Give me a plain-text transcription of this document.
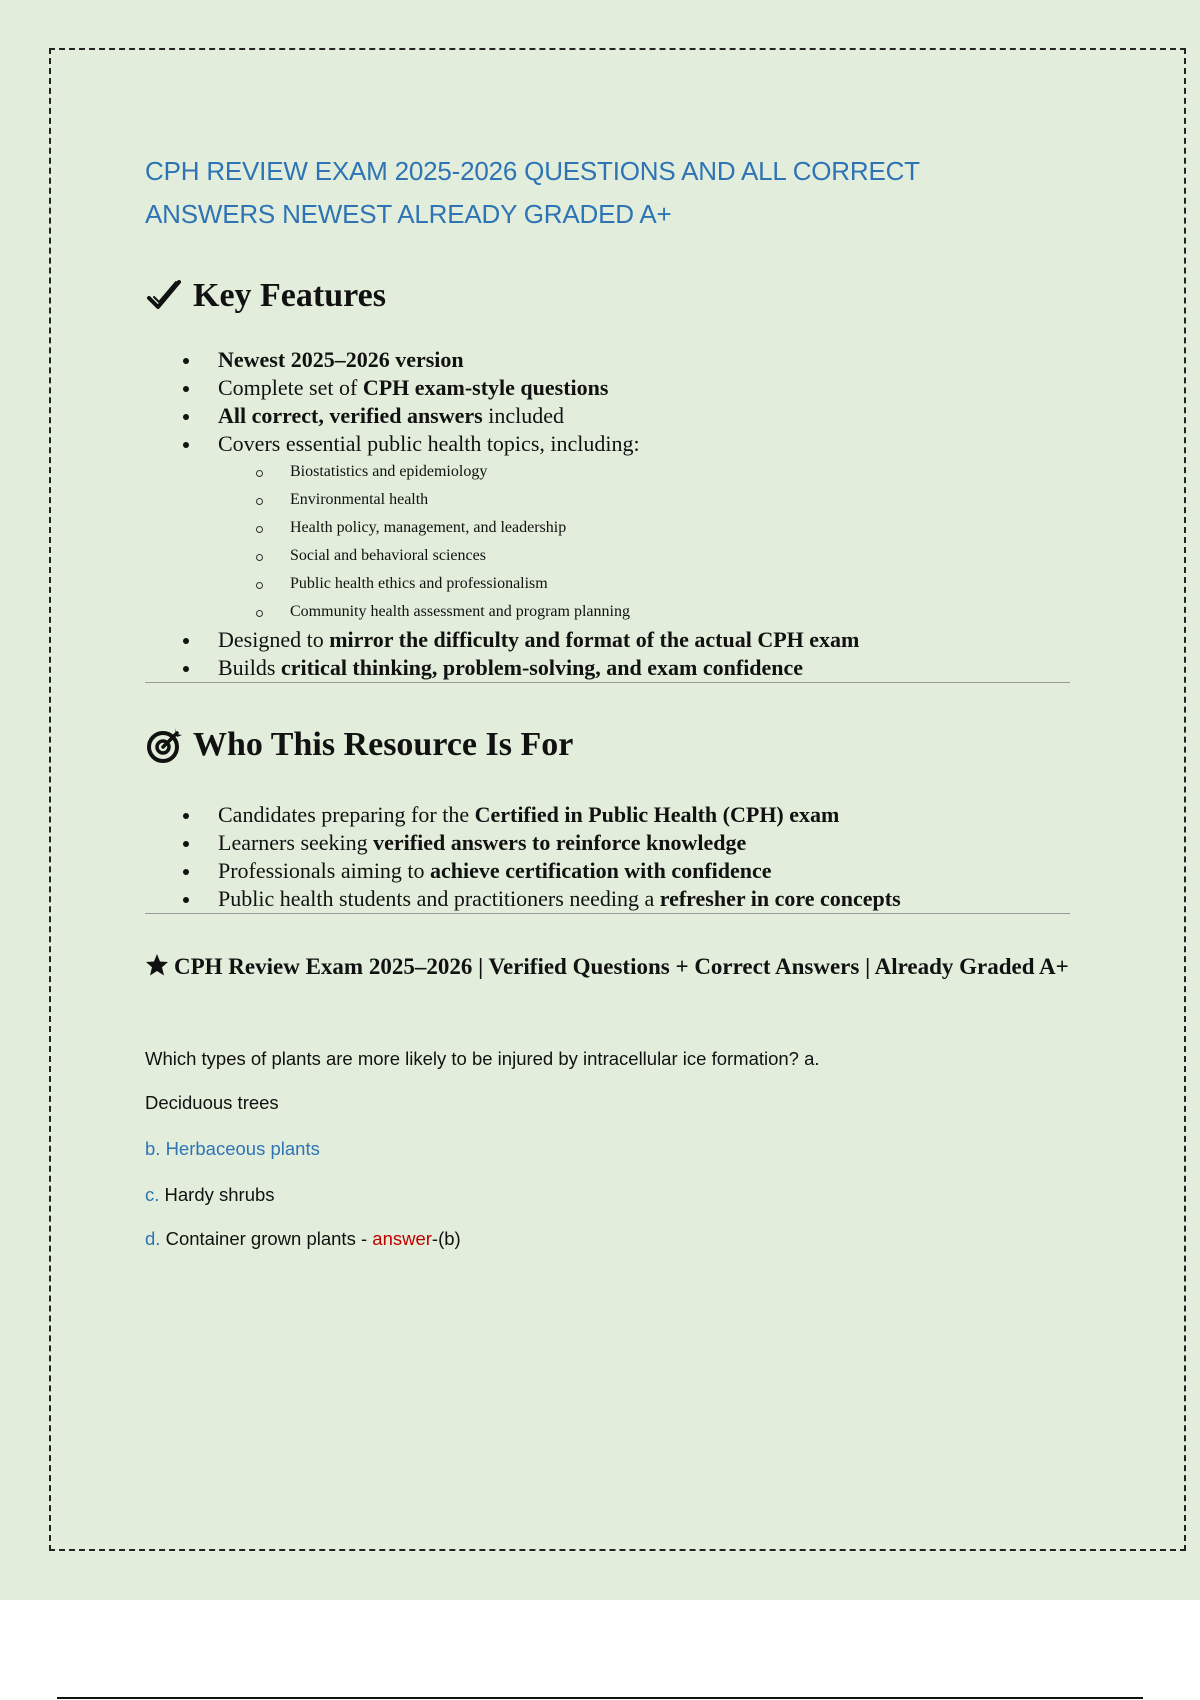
CPH REVIEW EXAM 2025-2026 QUESTIONS AND ALL CORRECT
ANSWERS NEWEST ALREADY GRADED A+
Key Features
Newest 2025–2026 version
Complete set of CPH exam-style questions
All correct, verified answers included
Covers essential public health topics, including:
Biostatistics and epidemiology
Environmental health
Health policy, management, and leadership
Social and behavioral sciences
Public health ethics and professionalism
Community health assessment and program planning
Designed to mirror the difficulty and format of the actual CPH exam
Builds critical thinking, problem-solving, and exam confidence
Who This Resource Is For
Candidates preparing for the Certified in Public Health (CPH) exam
Learners seeking verified answers to reinforce knowledge
Professionals aiming to achieve certification with confidence
Public health students and practitioners needing a refresher in core concepts
CPH Review Exam 2025–2026 | Verified Questions + Correct Answers | Already Graded A+

Which types of plants are more likely to be injured by intracellular ice formation? a.

Deciduous trees

b. Herbaceous plants

c. Hardy shrubs

d. Container grown plants - answer-(b)
